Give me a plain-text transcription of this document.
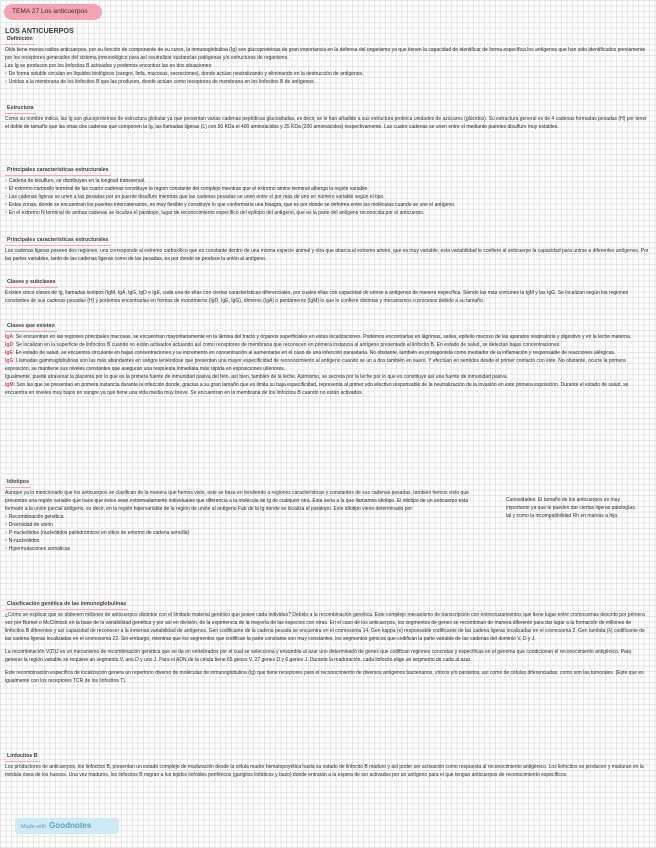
TEMA 27 Los anticuerpos
LOS ANTICUERPOS
Definición

Olds tiene menos radios anticuerpos, por su función de componente de su curso, la inmunoglobulina (Ig) son glucoproteínas de gran importancia en la defensa del organismo ya que tienen la capacidad de identificar de forma específica los antígenos que han sido identificados previamente por los receptores generados del sistema inmunológico para así neutralizar sustancias patógenas y/o estructuras de organismo.

Las Ig se producen por los linfocitos B activados y podemos encontrar las en dos situaciones:

• De forma soluble circulan en líquidos biológicos (sangre, linfa, mucosas, secreciones), donde actúan neutralizando y eliminando en la destrucción de antígenos.
• Unidas a la membrana de los linfocitos B que las producen, donde actúan como receptores de membrana en los linfocitos B de antígenos.
Estructura

Como su nombre indica, las Ig son glucoproteínas de estructura globular ya que presentan varias cadenas peptídicas glucosiladas, es decir, se le han añadido a sus estructura proteica unidades de azúcares (glúcidos). Su estructura general es de 4 cadenas formadas pesadas (H) por tener el doble de tamaño que las otras dos cadenas que componen la Ig, las llamadas ligeras (L) con 50 KDa el 400 aminoácidos y 25 KDa (200 aminoácidos) respectivamente. Las cuatro cadenas se unen entre sí mediante puentes disulfuro muy estables.

Principales características estructurales
• Cadena de bisulfuro, se distribuyen en la longitud transversal.
• El extremo carboxilo terminal de las cuatro cadenas constituye la región constante del complejo mientras que el extremo amino terminal alberga la región variable.
• Las cadenas ligeras se unen a las pesadas por un puente disulfuro mientras que las cadenas pesadas se unen entre sí por más de uno en número variable según el tipo.
• Estas zonas, donde se encuentran los puentes intercatenarios, es muy flexible y constituye lo que conformaría una bisagra, que es por donde se deforma entre las moléculas cuando se une el antígeno.
• En el extremo N terminal de ambas cadenas se localiza el parátopo, lugar de reconocimiento específico del epítopo del antígeno, que es la parte del antígeno reconocida por el anticuerpo.
Principales características estructurales

Las cadenas ligeras poseen dos regiones: una corresponde al extremo carboxílico que es constante dentro de una misma especie animal y otra que abarca al extremo amino, que es muy variable, esta variabilidad le confiere al anticuerpo la capacidad para unirse a diferentes antígenos. Por las partes variables, tanto de las cadenas ligeras como de las pesadas, es por donde se produce la unión al antígeno.

Clases y subclases

Existen cinco clases de Ig, llamadas isotipos (IgM, IgA, IgG, IgD e IgE, cada una de ellas con ciertas características diferenciales, por cuales ellas con capacidad de unirse a antígenos de manera específica. Siendo las más comunes la IgM y las IgG. Se localizan según los regiones constantes de sus cadenas pesadas (H) y podemos encontrarlas en formas de monómeros (IgD, IgE, IgG), dímeros (IgA) o pentámeros (IgM) lo que le confiere distintas y mecanismos o procesos debido a su tamaño.

Clases que existen

IgA: Se encuentran en las regiones principales mucosas, se encuentran mayoritariamente en la lámina del tracto y órganos superficiales en estas localizaciones. Podemos encontrarlas en lágrimas, saliva, epitelio mucoso de las aparatos respiratorio y digestivo y en la leche materna.

IgD: Se localizan en la superficie de linfocitos B cuando no están activados actuando así como receptores de membrana que reconocen en primera instancia al antígeno presentado al linfocito B. En estado de salud, se detectan bajas concentraciones.

IgE: En estado de salud, se encuentra circulante en bajas concentraciones y su incremento en concentración al aumentarse en el caso de una infección parasitaria. No obstante, también es protagonista como mediador de la inflamación y responsable de reacciones alérgicas.

IgG: Llamadas gammaglobulinas son las más abundantes en sangre teniéndose que presentan una mayor especificidad de reconocimiento al antígeno cuando se un a dos también en suero. Y efectúan en sentidos desde el primer contacto con éste. No obstante, ocurre la primera exposición, se mantiene sus niveles constantes que aseguran una respuesta inmediata más rápida en exposiciones ulteriores.

Igualmente, puede atravesar la placenta por lo que es la primera fuente de inmunidad pasiva del feto, así bien, también de la leche. Asimismo, se secreta por la leche por lo que es constituye así una fuente de inmunidad pasiva.

IgM: Son las que se presentan en primera instancia durante la infección donde, gracias a su gran tamaño que es limita su baja especificidad, representa al primer ydo efectivo responsable de la neutralización de la invasión en este primera exposición. Durante el estado de salud, se encuentra en niveles muy bajos en sangre ya que tiene una vida media muy breve. Se encuentran en la membrana de los linfocitos B cuando no están activados.

Idiotipos

Aunque ya lo mencionado que los anticuerpos se clasifican de la manera que hemos visto, este se basa en tendiendo a regiones características y constantes de sus cadenas pesadas, también hemos visto que presentan una región variable que hace que éstos sean extremadamente individuales que diferencia a la molécula de Ig de cualquier otra. Esta sería a la que llamamos idiotipo. El idiotipo de un anticuerpo está formado a la unión parcial antígeno, es decir, en la región hipervariable de la región de unión al antígeno Fab de la Ig donde se localiza el parátopo. Este idiotipo viene determinado por:

• Recombinación genética
• Diversidad de unión
• P-nucleótidos (nucleótidos palindrómicos en sitios de entorno de cadena sencilla)
• N-nucleótidos
• Hipermutaciones somáticas
Curiosidades: El tamaño de los anticuerpos es muy importante ya que le pueden dar ciertas ligeras patologías, tal y como la incompatibilidad Rh en mamás a hijo.
Clasificación genética de las inmunoglobulinas

¿Cómo se explicar que se obtienen millones de anticuerpos distintos con el limitado material genético que posee cada individuo? Debido a la recombinación genética. Este complejo mecanismo de transcripción con entrecruzamientos que tiene lugar entre cromosomas descrito por primera vez por Burnet o McClintock en la base de la variabilidad genética y por así en división, de la experiencia de la mayoría de las especies con otras. En el caso de los anticuerpos, los segmentos de genes se recombinan de manera diferente para dar lugar a la formación de millones de linfocitos B diferentes y así capacidad de reconocer a la inmensa variabilidad de antígenos. Gen codificante de la cadena pesada se encuentra en el cromosoma 14. Gen kappa (κ) responsable codificante de las cadena ligeras localizadas en el cromosoma 2. Gen lambda (λ) codificante de las cadena ligeras localizadas en el cromosoma 22. Sin embargo, mientras que los segmentos que codifican la parte constante son muy constantes, los segmentos génicos que codifican la parte variable de las cadenas del dominio V, D y J.

La recombinación V(D)J es un mecanismo de recombinación genética que se da en vertebrados por el cual se selecciona y ensambla al azar uno determinado de genes que codifican regiones concretas y específicas en el genoma que condicionan el reconocimiento antigénico. Para generar la región variable se requiere un segmento V, uno D y uno J. Para el ADN de la célula tiene 65 genes V, 27 genes D y 6 genes J. Durante la maduración, cada linfocito elige un segmento de cada al azar.

Este recombinación específica de localización genera un repertorio diverso de moléculas de inmunoglobulina (Ig) que tiene receptores para el reconocimiento de diversos antígenos bacterianos, víricos y/o parásitos, así como de células diferenciadas, como son las tumorales. (Este que es igualmente con los receptores TCR de los linfocitos T).

Linfocitos B

Los productores de anticuerpos, los linfocitos B, presentan un estado complejo de maduración desde la célula madre hematopoyética hasta su estado de linfocito B maduro y así poder ser activación como respuesta al reconocimiento antigénico. Los linfocitos se producen y maduran en la médula ósea de los huesos. Una vez maduros, los linfocitos B migran a los tejidos linfoides periféricos (ganglios linfáticos y bazo) donde entrarán a la espera de ser activados por un antígeno para el que tengan anticuerpos de reconocimiento específicos.

Made with Goodnotes
